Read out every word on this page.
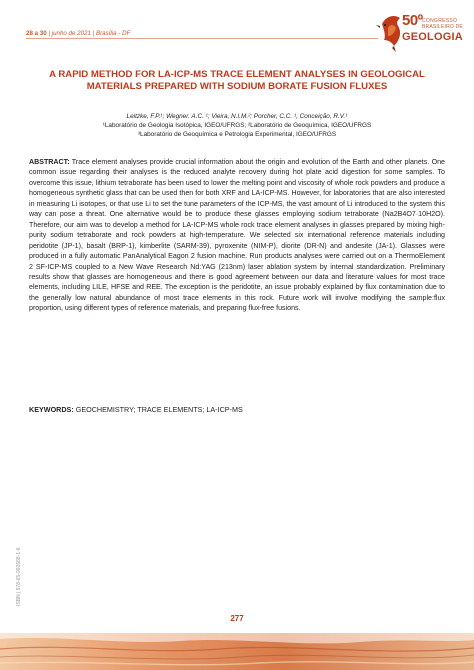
28 a 30 | junho de 2021 | Brasília - DF
50º CONGRESSO
BRASILEIRO DE
GEOLOGIA
A RAPID METHOD FOR LA-ICP-MS TRACE ELEMENT ANALYSES IN GEOLOGICAL MATERIALS PREPARED WITH SODIUM BORATE FUSION FLUXES
Leitzke, F.P.¹; Wegner. A.C. ¹; Vieira, N.I.M.²; Porcher, C.C. ¹, Conceição, R.V.¹
¹Laboratório de Geologia Isotópica, IGEO/UFRGS; ²Laboratório de Geoquímica, IGEO/UFRGS
³Laboratório de Geoquímica e Petrologia Experimental, IGEO/UFRGS

ABSTRACT: Trace element analyses provide crucial information about the origin and evolution of the Earth and other planets. One common issue regarding their analyses is the reduced analyte recovery during hot plate acid digestion for some samples. To overcome this issue, lithium tetraborate has been used to lower the melting point and viscosity of whole rock powders and produce a homogeneous synthetic glass that can be used then for both XRF and LA-ICP-MS. However, for laboratories that are also interested in measuring Li isotopes, or that use Li to set the tune parameters of the ICP-MS, the vast amount of Li introduced to the system this way can pose a threat. One alternative would be to produce these glasses employing sodium tetraborate (Na2B4O7·10H2O). Therefore, our aim was to develop a method for LA-ICP-MS whole rock trace element analyses in glasses prepared by mixing high-purity sodium tetraborate and rock powders at high-temperature. We selected six international reference materials including peridotite (JP-1), basalt (BRP-1), kimberlite (SARM-39), pyroxenite (NIM-P), diorite (DR-N) and andesite (JA-1). Glasses were produced in a fully automatic PanAnalytical Eagon 2 fusion machine. Run products analyses were carried out on a ThermoElement 2 SF-ICP-MS coupled to a New Wave Research Nd:YAG (213nm) laser ablation system by internal standardization. Preliminary results show that glasses are homogeneous and there is good agreement between our data and literature values for most trace elements, including LILE, HFSE and REE. The exception is the peridotite, an issue probably explained by flux contamination due to the generally low natural abundance of most trace elements in this rock. Future work will involve modifying the sample:flux proportion, using different types of reference materials, and preparing flux-free fusions.

KEYWORDS: GEOCHEMISTRY; TRACE ELEMENTS; LA-ICP-MS

ISBN | 978-65-992688-1-6
277
